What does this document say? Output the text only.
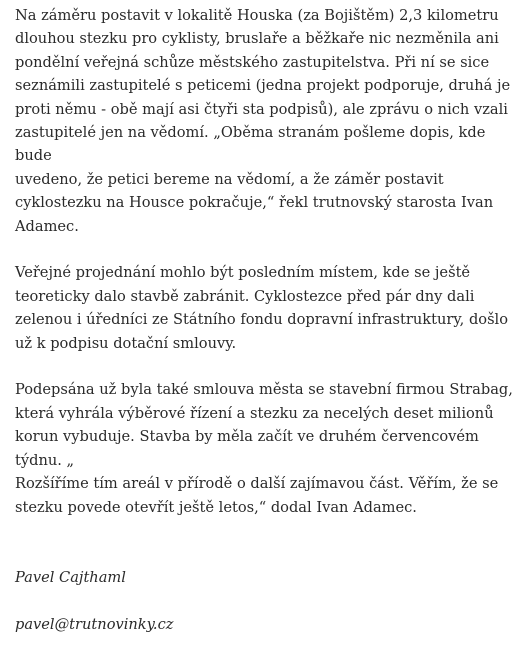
Na záměru postavit v lokalitě Houska (za Bojištěm) 2,3 kilometru
dlouhou stezku pro cyklisty, bruslaře a běžkaře nic nezměnila ani
pondělní veřejná schůze městského zastupitelstva. Při ní se sice
seznámili zastupitelé s peticemi (jedna projekt podporuje, druhá je
proti němu - obě mají asi čtyři sta podpisů), ale zprávu o nich vzali
zastupitelé jen na vědomí. „Oběma stranám pošleme dopis, kde bude
uvedeno, že petici bereme na vědomí, a že záměr postavit
cyklostezku na Housce pokračuje,“ řekl trutnovský starosta Ivan
Adamec.

Veřejné projednání mohlo být posledním místem, kde se ještě
teoreticky dalo stavbě zabránit. Cyklostezce před pár dny dali
zelenou i úředníci ze Státního fondu dopravní infrastruktury, došlo
už k podpisu dotační smlouvy.

Podepsána už byla také smlouva města se stavební firmou Strabag,
která vyhrála výběrové řízení a stezku za necelých deset milionů
korun vybuduje. Stavba by měla začít ve druhém červencovém
týdnu. „
Rozšíříme tím areál v přírodě o další zajímavou část. Věřím, že se
stezku povede otevřít ještě letos,“ dodal Ivan Adamec.

Pavel Cajthaml

pavel@trutnovinky.cz
